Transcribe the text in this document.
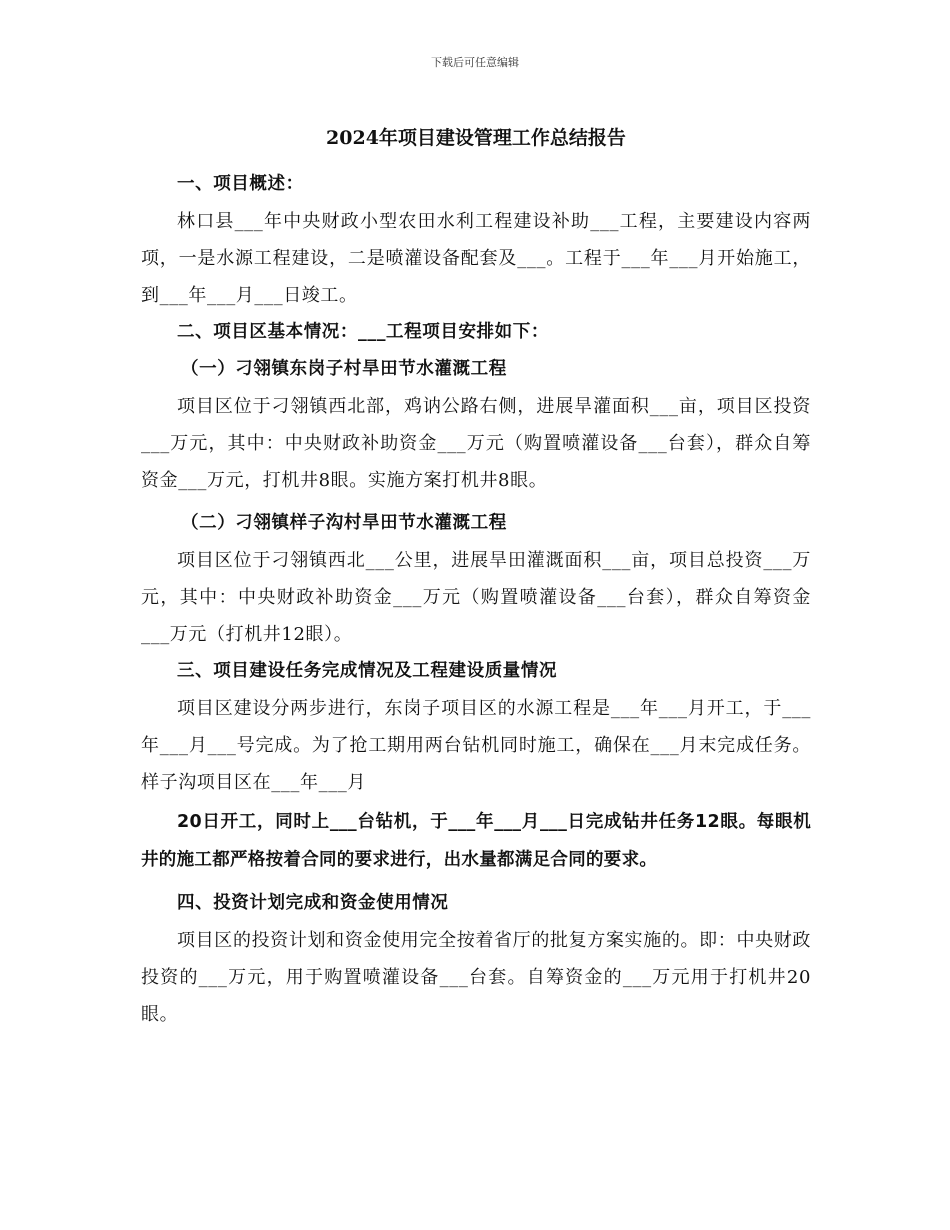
下载后可任意编辑
2024年项目建设管理工作总结报告

一、项目概述：

林口县___年中央财政小型农田水利工程建设补助___工程，主要建设内容两项，一是水源工程建设，二是喷灌设备配套及___。工程于___年___月开始施工，到___年___月___日竣工。

二、项目区基本情况：___工程项目安排如下：

（一）刁翎镇东岗子村旱田节水灌溉工程

项目区位于刁翎镇西北部，鸡讷公路右侧，进展旱灌面积___亩，项目区投资___万元，其中：中央财政补助资金___万元（购置喷灌设备___台套），群众自筹资金___万元，打机井8眼。实施方案打机井8眼。

（二）刁翎镇样子沟村旱田节水灌溉工程

项目区位于刁翎镇西北___公里，进展旱田灌溉面积___亩，项目总投资___万元，其中：中央财政补助资金___万元（购置喷灌设备___台套），群众自筹资金___万元（打机井12眼）。

三、项目建设任务完成情况及工程建设质量情况

项目区建设分两步进行，东岗子项目区的水源工程是___年___月开工，于___年___月___号完成。为了抢工期用两台钻机同时施工，确保在___月末完成任务。样子沟项目区在___年___月

20日开工，同时上___台钻机，于___年___月___日完成钻井任务12眼。每眼机井的施工都严格按着合同的要求进行，出水量都满足合同的要求。

四、投资计划完成和资金使用情况

项目区的投资计划和资金使用完全按着省厅的批复方案实施的。即：中央财政投资的___万元，用于购置喷灌设备___台套。自筹资金的___万元用于打机井20眼。
